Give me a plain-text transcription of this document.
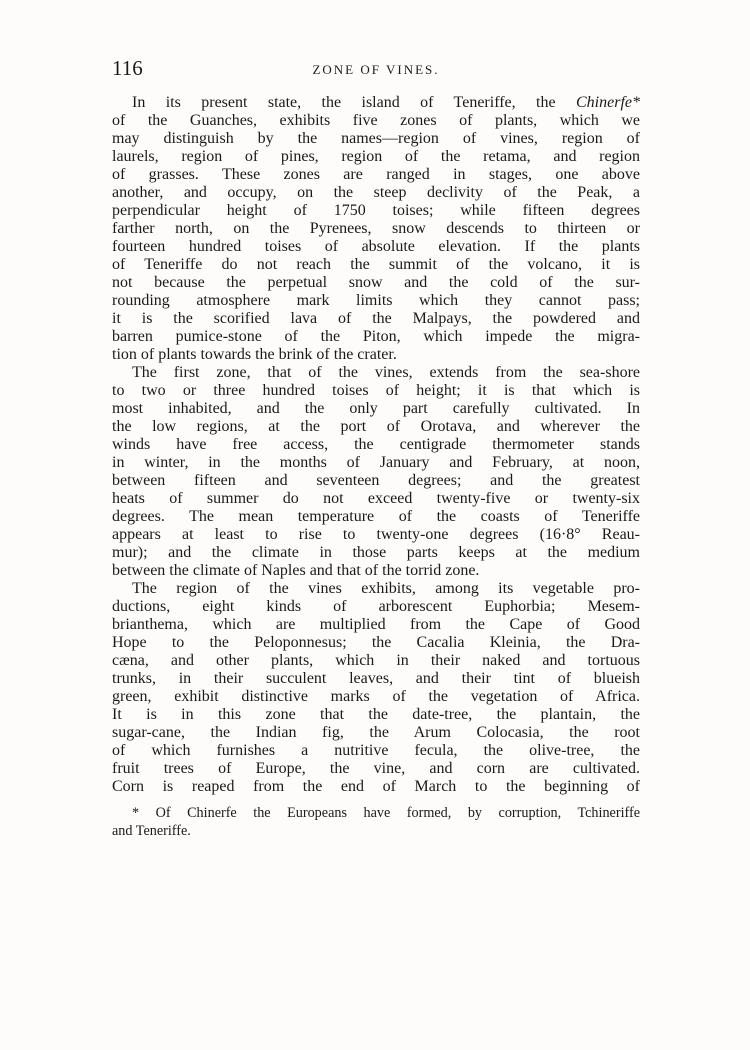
116	ZONE OF VINES.
In its present state, the island of Teneriffe, the Chinerfe*
of the Guanches, exhibits five zones of plants, which we
may distinguish by the names—region of vines, region of
laurels, region of pines, region of the retama, and region
of grasses. These zones are ranged in stages, one above
another, and occupy, on the steep declivity of the Peak, a
perpendicular height of 1750 toises; while fifteen degrees
farther north, on the Pyrenees, snow descends to thirteen or
fourteen hundred toises of absolute elevation. If the plants
of Teneriffe do not reach the summit of the volcano, it is
not because the perpetual snow and the cold of the sur-
rounding atmosphere mark limits which they cannot pass;
it is the scorified lava of the Malpays, the powdered and
barren pumice-stone of the Piton, which impede the migra-
tion of plants towards the brink of the crater.
The first zone, that of the vines, extends from the sea-shore
to two or three hundred toises of height; it is that which is
most inhabited, and the only part carefully cultivated. In
the low regions, at the port of Orotava, and wherever the
winds have free access, the centigrade thermometer stands
in winter, in the months of January and February, at noon,
between fifteen and seventeen degrees; and the greatest
heats of summer do not exceed twenty-five or twenty-six
degrees. The mean temperature of the coasts of Teneriffe
appears at least to rise to twenty-one degrees (16·8° Reau-
mur); and the climate in those parts keeps at the medium
between the climate of Naples and that of the torrid zone.
The region of the vines exhibits, among its vegetable pro-
ductions, eight kinds of arborescent Euphorbia; Mesem-
brianthema, which are multiplied from the Cape of Good
Hope to the Peloponnesus; the Cacalia Kleinia, the Dra-
cæna, and other plants, which in their naked and tortuous
trunks, in their succulent leaves, and their tint of blueish
green, exhibit distinctive marks of the vegetation of Africa.
It is in this zone that the date-tree, the plantain, the
sugar-cane, the Indian fig, the Arum Colocasia, the root
of which furnishes a nutritive fecula, the olive-tree, the
fruit trees of Europe, the vine, and corn are cultivated.
Corn is reaped from the end of March to the beginning of
* Of Chinerfe the Europeans have formed, by corruption, Tchineriffe
and Teneriffe.
